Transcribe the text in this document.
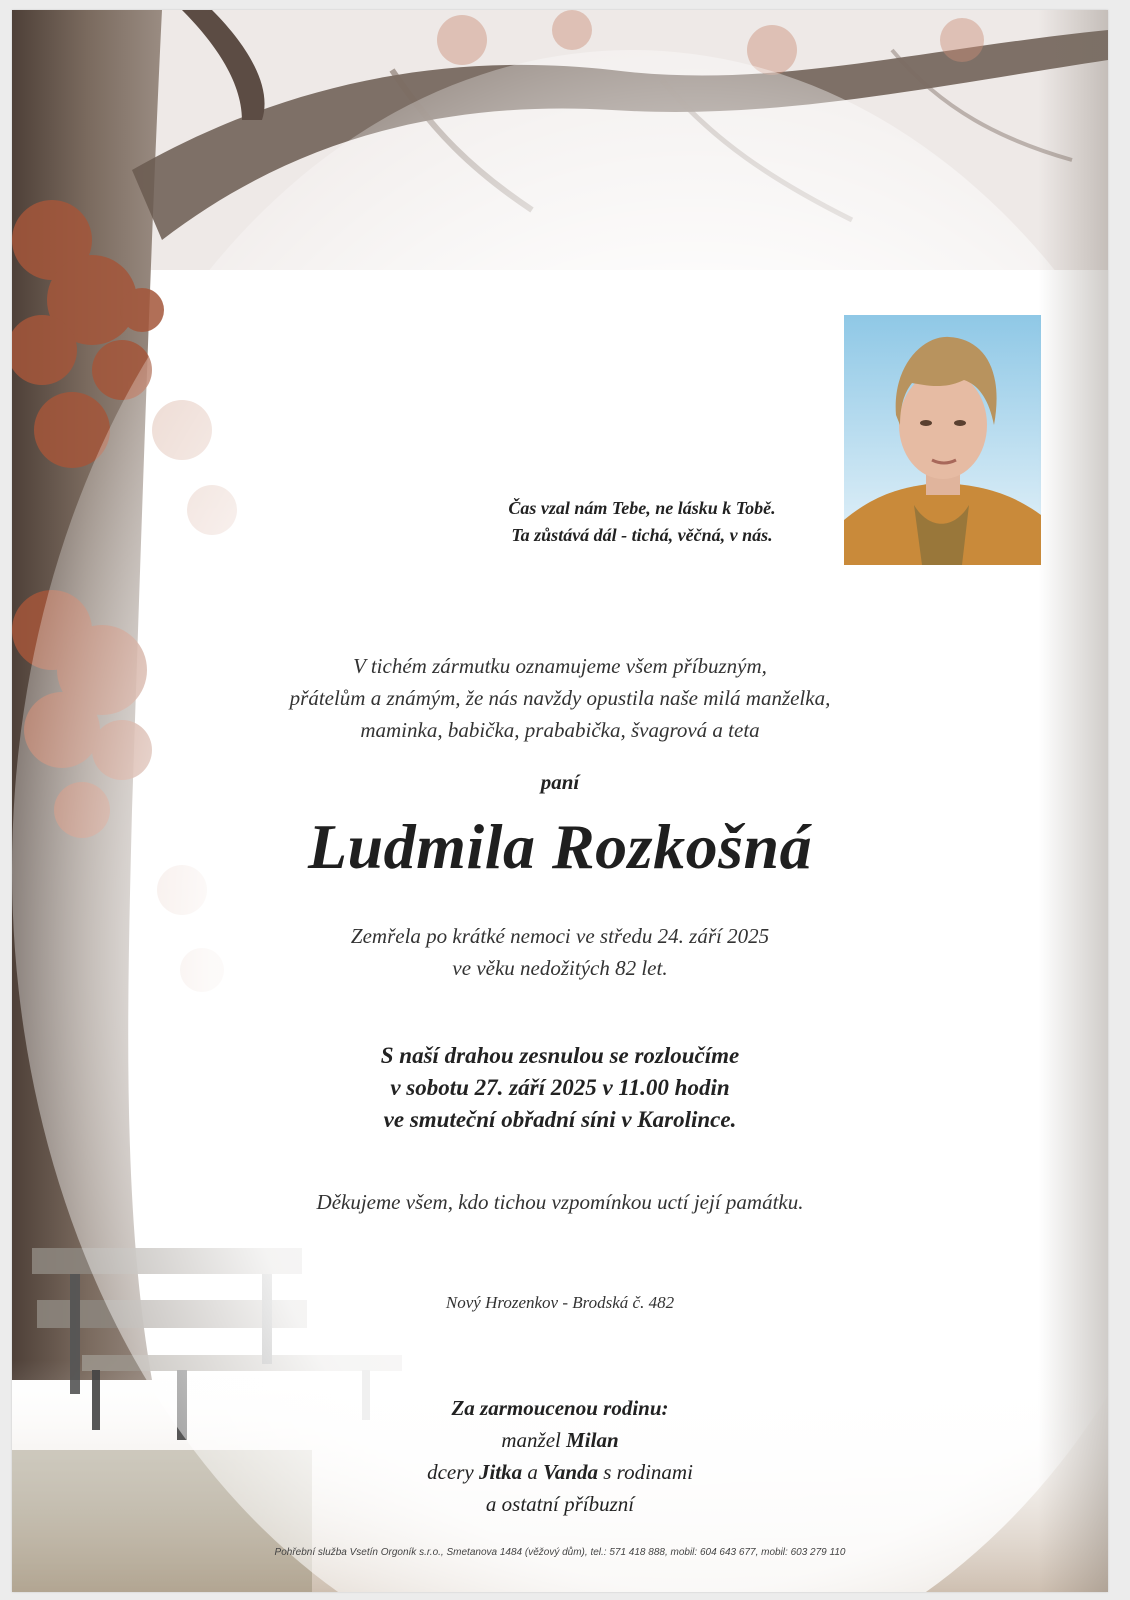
Čas vzal nám Tebe, ne lásku k Tobě.
Ta zůstává dál - tichá, věčná, v nás.

V tichém zármutku oznamujeme všem příbuzným,
přátelům a známým, že nás navždy opustila naše milá manželka,
maminka, babička, prababička, švagrová a teta

paní

Ludmila Rozkošná

Zemřela po krátké nemoci ve středu 24. září 2025
ve věku nedožitých 82 let.

S naší drahou zesnulou se rozloučíme
v sobotu 27. září 2025 v 11.00 hodin
ve smuteční obřadní síni v Karolince.

Děkujeme všem, kdo tichou vzpomínkou uctí její památku.

Nový Hrozenkov - Brodská č. 482

Za zarmoucenou rodinu:
manžel Milan
dcery Jitka a Vanda s rodinami
a ostatní příbuzní

Pohřební služba Vsetín Orgoník s.r.o., Smetanova 1484 (věžový dům), tel.: 571 418 888, mobil: 604 643 677, mobil: 603 279 110
